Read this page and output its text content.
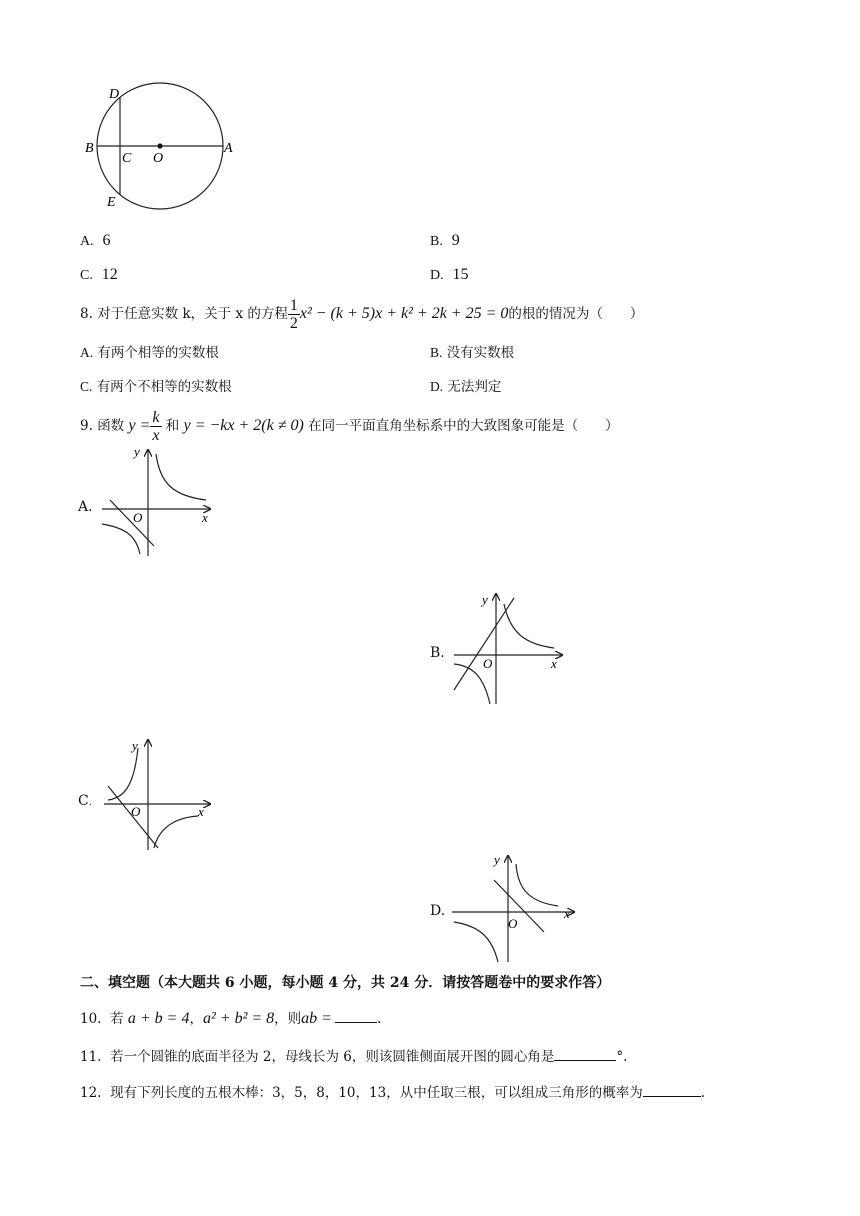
D
B
C O
A
E
A. 6	B. 9
C. 12	D. 15
8.
对于任意实数 k，关于 x 的方程 $\frac{1}{2} x^2 - (k + 5)x + k^2 + 2k + 25 = 0$ 的根的情况为（　　）
A. 有两个相等的实数根	B. 没有实数根
C. 有两个不相等的实数根	D. 无法判定
9.
函数
$y = \frac{k}{x}$
和
y = −kx + 2(k ≠ 0)
在同一平面直角坐标系中的大致图象可能是（　　）
A.
y
O	x
B.
y
O	x
C.
y
O	x
D.
y
O
x
二、填空题（本大题共 6 小题，每小题 4 分，共 24 分．请按答题卷中的要求作答）
10. 若 a + b = 4，a² + b² = 8，则ab =	.
11. 若一个圆锥的底面半径为 2，母线长为 6，则该圆锥侧面展开图的圆心角是	°.
12. 现有下列长度的五根木棒：3，5，8，10，13，从中任取三根，可以组成三角形的概率为	.
